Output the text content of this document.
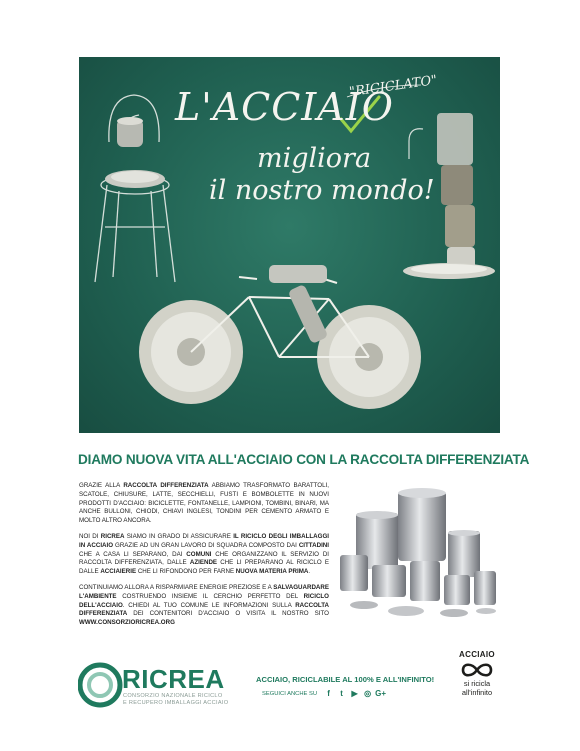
L'ACCIAIO
"RICICLATO"
migliora
il nostro mondo!
DIAMO NUOVA VITA ALL'ACCIAIO CON LA RACCOLTA DIFFERENZIATA

GRAZIE ALLA RACCOLTA DIFFERENZIATA ABBIAMO TRASFORMATO BARATTOLI, SCATOLE, CHIUSURE, LATTE, SECCHIELLI, FUSTI E BOMBOLETTE IN NUOVI PRODOTTI D'ACCIAIO: BICICLETTE, FONTANELLE, LAMPIONI, TOMBINI, BINARI, MA ANCHE BULLONI, CHIODI, CHIAVI INGLESI, TONDINI PER CEMENTO ARMATO E MOLTO ALTRO ANCORA.

NOI DI RICREA SIAMO IN GRADO DI ASSICURARE IL RICICLO DEGLI IMBALLAGGI IN ACCIAIO GRAZIE AD UN GRAN LAVORO DI SQUADRA COMPOSTO DAI CITTADINI CHE A CASA LI SEPARANO, DAI COMUNI CHE ORGANIZZANO IL SERVIZIO DI RACCOLTA DIFFERENZIATA, DALLE AZIENDE CHE LI PREPARANO AL RICICLO E DALLE ACCIAIERIE CHE LI RIFONDONO PER FARNE NUOVA MATERIA PRIMA.

CONTINUIAMO ALLORA A RISPARMIARE ENERGIE PREZIOSE E A SALVAGUARDARE L'AMBIENTE COSTRUENDO INSIEME IL CERCHIO PERFETTO DEL RICICLO DELL'ACCIAIO. CHIEDI AL TUO COMUNE LE INFORMAZIONI SULLA RACCOLTA DIFFERENZIATA DEI CONTENITORI D'ACCIAIO O VISITA IL NOSTRO SITO WWW.CONSORZIORICREA.ORG

RICREA
CONSORZIO NAZIONALE RICICLO
E RECUPERO IMBALLAGGI ACCIAIO
ACCIAIO, RICICLABILE AL 100% E ALL'INFINITO!
SEGUICI ANCHE SU	f	t	▶ ◎ G+
ACCIAIO
si ricicla
all'infinito
